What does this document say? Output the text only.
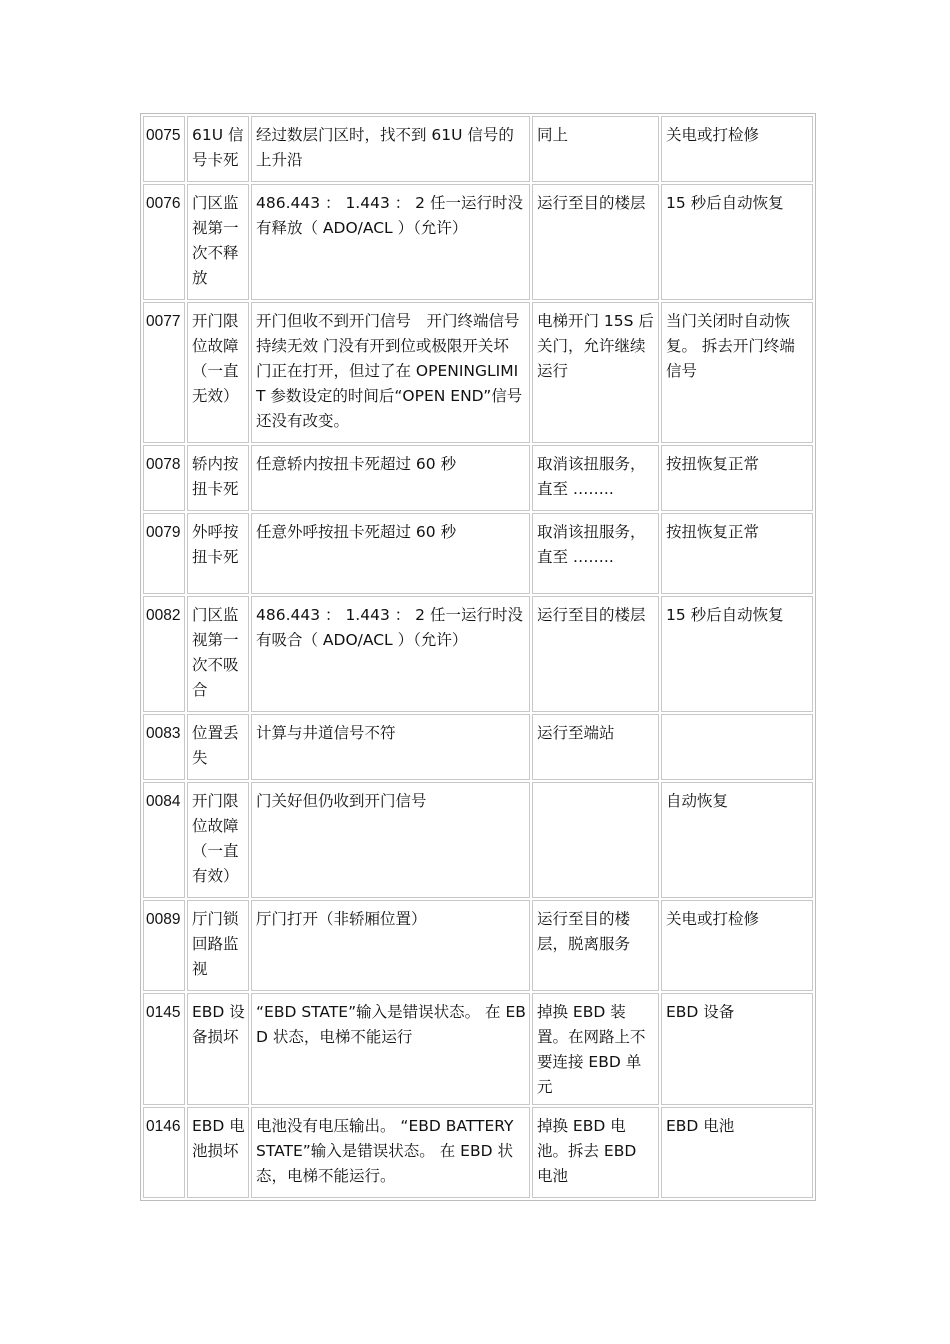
0075	61U 信号卡死	经过数层门区时，找不到 61U 信号的上升沿	同上	关电或打检修
0076	门区监视第一次不释放	486.443 ： 1.443 ： 2 任一运行时没有释放（ ADO/ACL ）（允许）	运行至目的楼层	15 秒后自动恢复
0077	开门限位故障（一直无效）	开门但收不到开门信号　开门终端信号持续无效 门没有开到位或极限开关坏 门正在打开，但过了在 OPENINGLIMIT 参数设定的时间后“OPEN END”信号还没有改变。	电梯开门 15S 后关门，允许继续运行	当门关闭时自动恢复。 拆去开门终端信号
0078	轿内按扭卡死	任意轿内按扭卡死超过 60 秒	取消该扭服务，直至 ……..	按扭恢复正常
0079	外呼按扭卡死	任意外呼按扭卡死超过 60 秒	取消该扭服务，直至 ……..	按扭恢复正常
0082	门区监视第一次不吸合	486.443 ： 1.443 ： 2 任一运行时没有吸合（ ADO/ACL ）（允许）	运行至目的楼层	15 秒后自动恢复
0083	位置丢失	计算与井道信号不符	运行至端站	
0084	开门限位故障（一直有效）	门关好但仍收到开门信号		自动恢复
0089	厅门锁回路监视	厅门打开（非轿厢位置）	运行至目的楼层，脱离服务	关电或打检修
0145	EBD 设备损坏	“EBD STATE”输入是错误状态。 在 EBD 状态，电梯不能运行	掉换 EBD 装置。在网路上不要连接 EBD 单元	EBD 设备
0146	EBD 电池损坏	电池没有电压输出。 “EBD BATTERY STATE”输入是错误状态。 在 EBD 状态，电梯不能运行。	掉换 EBD 电池。拆去 EBD 电池	EBD 电池
